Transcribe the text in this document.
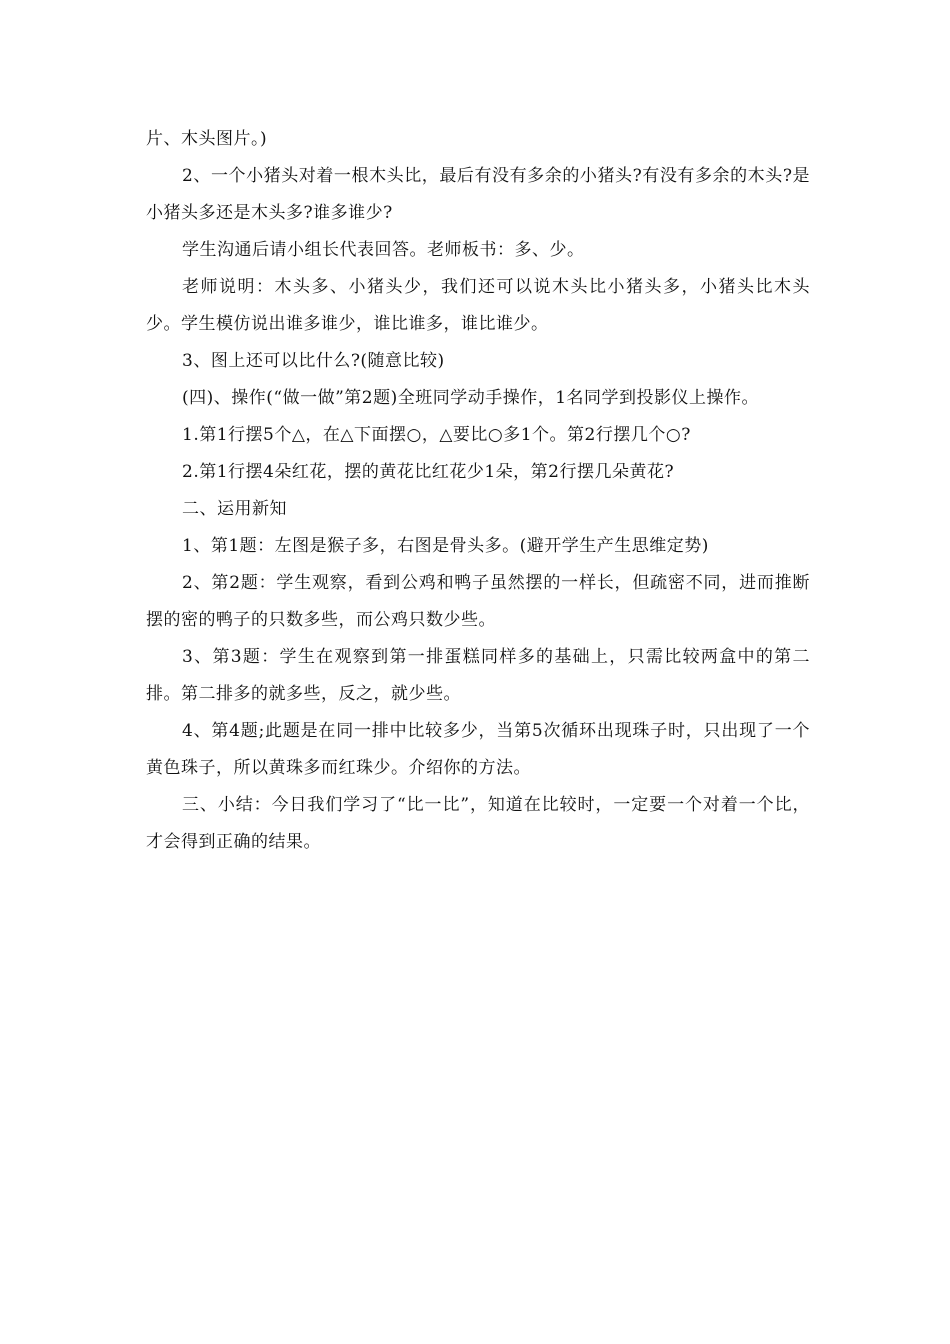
片、木头图片。)

2、一个小猪头对着一根木头比，最后有没有多余的小猪头?有没有多余的木头?是小猪头多还是木头多?谁多谁少?

学生沟通后请小组长代表回答。老师板书：多、少。

老师说明：木头多、小猪头少，我们还可以说木头比小猪头多，小猪头比木头少。学生模仿说出谁多谁少，谁比谁多，谁比谁少。

3、图上还可以比什么?(随意比较)

(四)、操作(“做一做”第2题)全班同学动手操作，1名同学到投影仪上操作。

1.第1行摆5个△，在△下面摆○，△要比○多1个。第2行摆几个○?

2.第1行摆4朵红花，摆的黄花比红花少1朵，第2行摆几朵黄花?

二、运用新知

1、第1题：左图是猴子多，右图是骨头多。(避开学生产生思维定势)

2、第2题：学生观察，看到公鸡和鸭子虽然摆的一样长，但疏密不同，进而推断摆的密的鸭子的只数多些，而公鸡只数少些。

3、第3题：学生在观察到第一排蛋糕同样多的基础上，只需比较两盒中的第二排。第二排多的就多些，反之，就少些。

4、第4题;此题是在同一排中比较多少，当第5次循环出现珠子时，只出现了一个黄色珠子，所以黄珠多而红珠少。介绍你的方法。

三、小结：今日我们学习了“比一比”，知道在比较时，一定要一个对着一个比，才会得到正确的结果。
